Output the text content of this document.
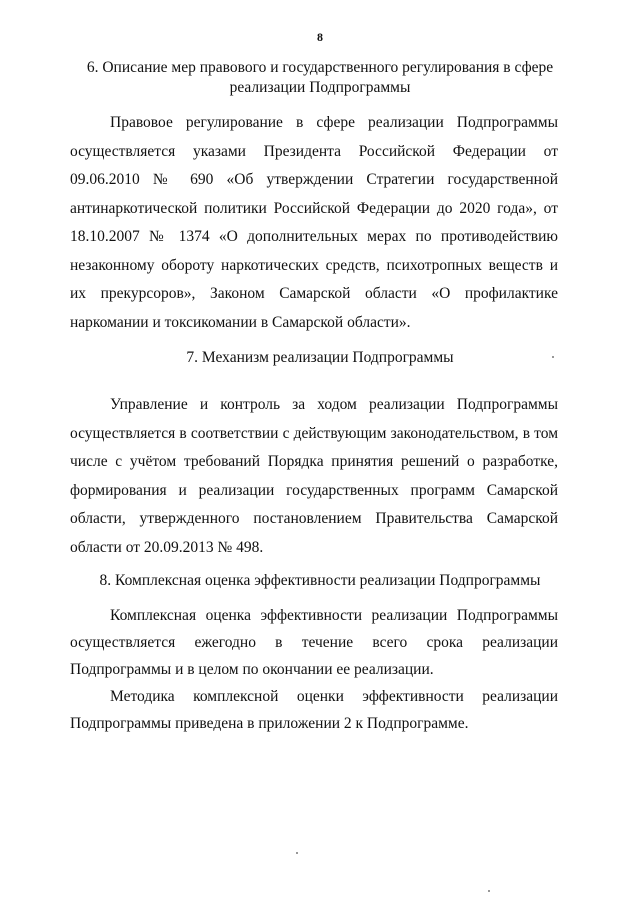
8
6. Описание мер правового и государственного регулирования в сфере реализации Подпрограммы

Правовое регулирование в сфере реализации Подпрограммы осуществляется указами Президента Российской Федерации от 09.06.2010 № 690 «Об утверждении Стратегии государственной антинаркотической политики Российской Федерации до 2020 года», от 18.10.2007 № 1374 «О дополнительных мерах по противодействию незаконному обороту наркотических средств, психотропных веществ и их прекурсоров», Законом Самарской области «О профилактике наркомании и токсикомании в Самарской области».

7. Механизм реализации Подпрограммы

Управление и контроль за ходом реализации Подпрограммы осуществляется в соответствии с действующим законодательством, в том числе с учётом требований Порядка принятия решений о разработке, формирования и реализации государственных программ Самарской области, утвержденного постановлением Правительства Самарской области от 20.09.2013 № 498.

8. Комплексная оценка эффективности реализации Подпрограммы

Комплексная оценка эффективности реализации Подпрограммы осуществляется ежегодно в течение всего срока реализации Подпрограммы и в целом по окончании ее реализации.

Методика комплексной оценки эффективности реализации Подпрограммы приведена в приложении 2 к Подпрограмме.
